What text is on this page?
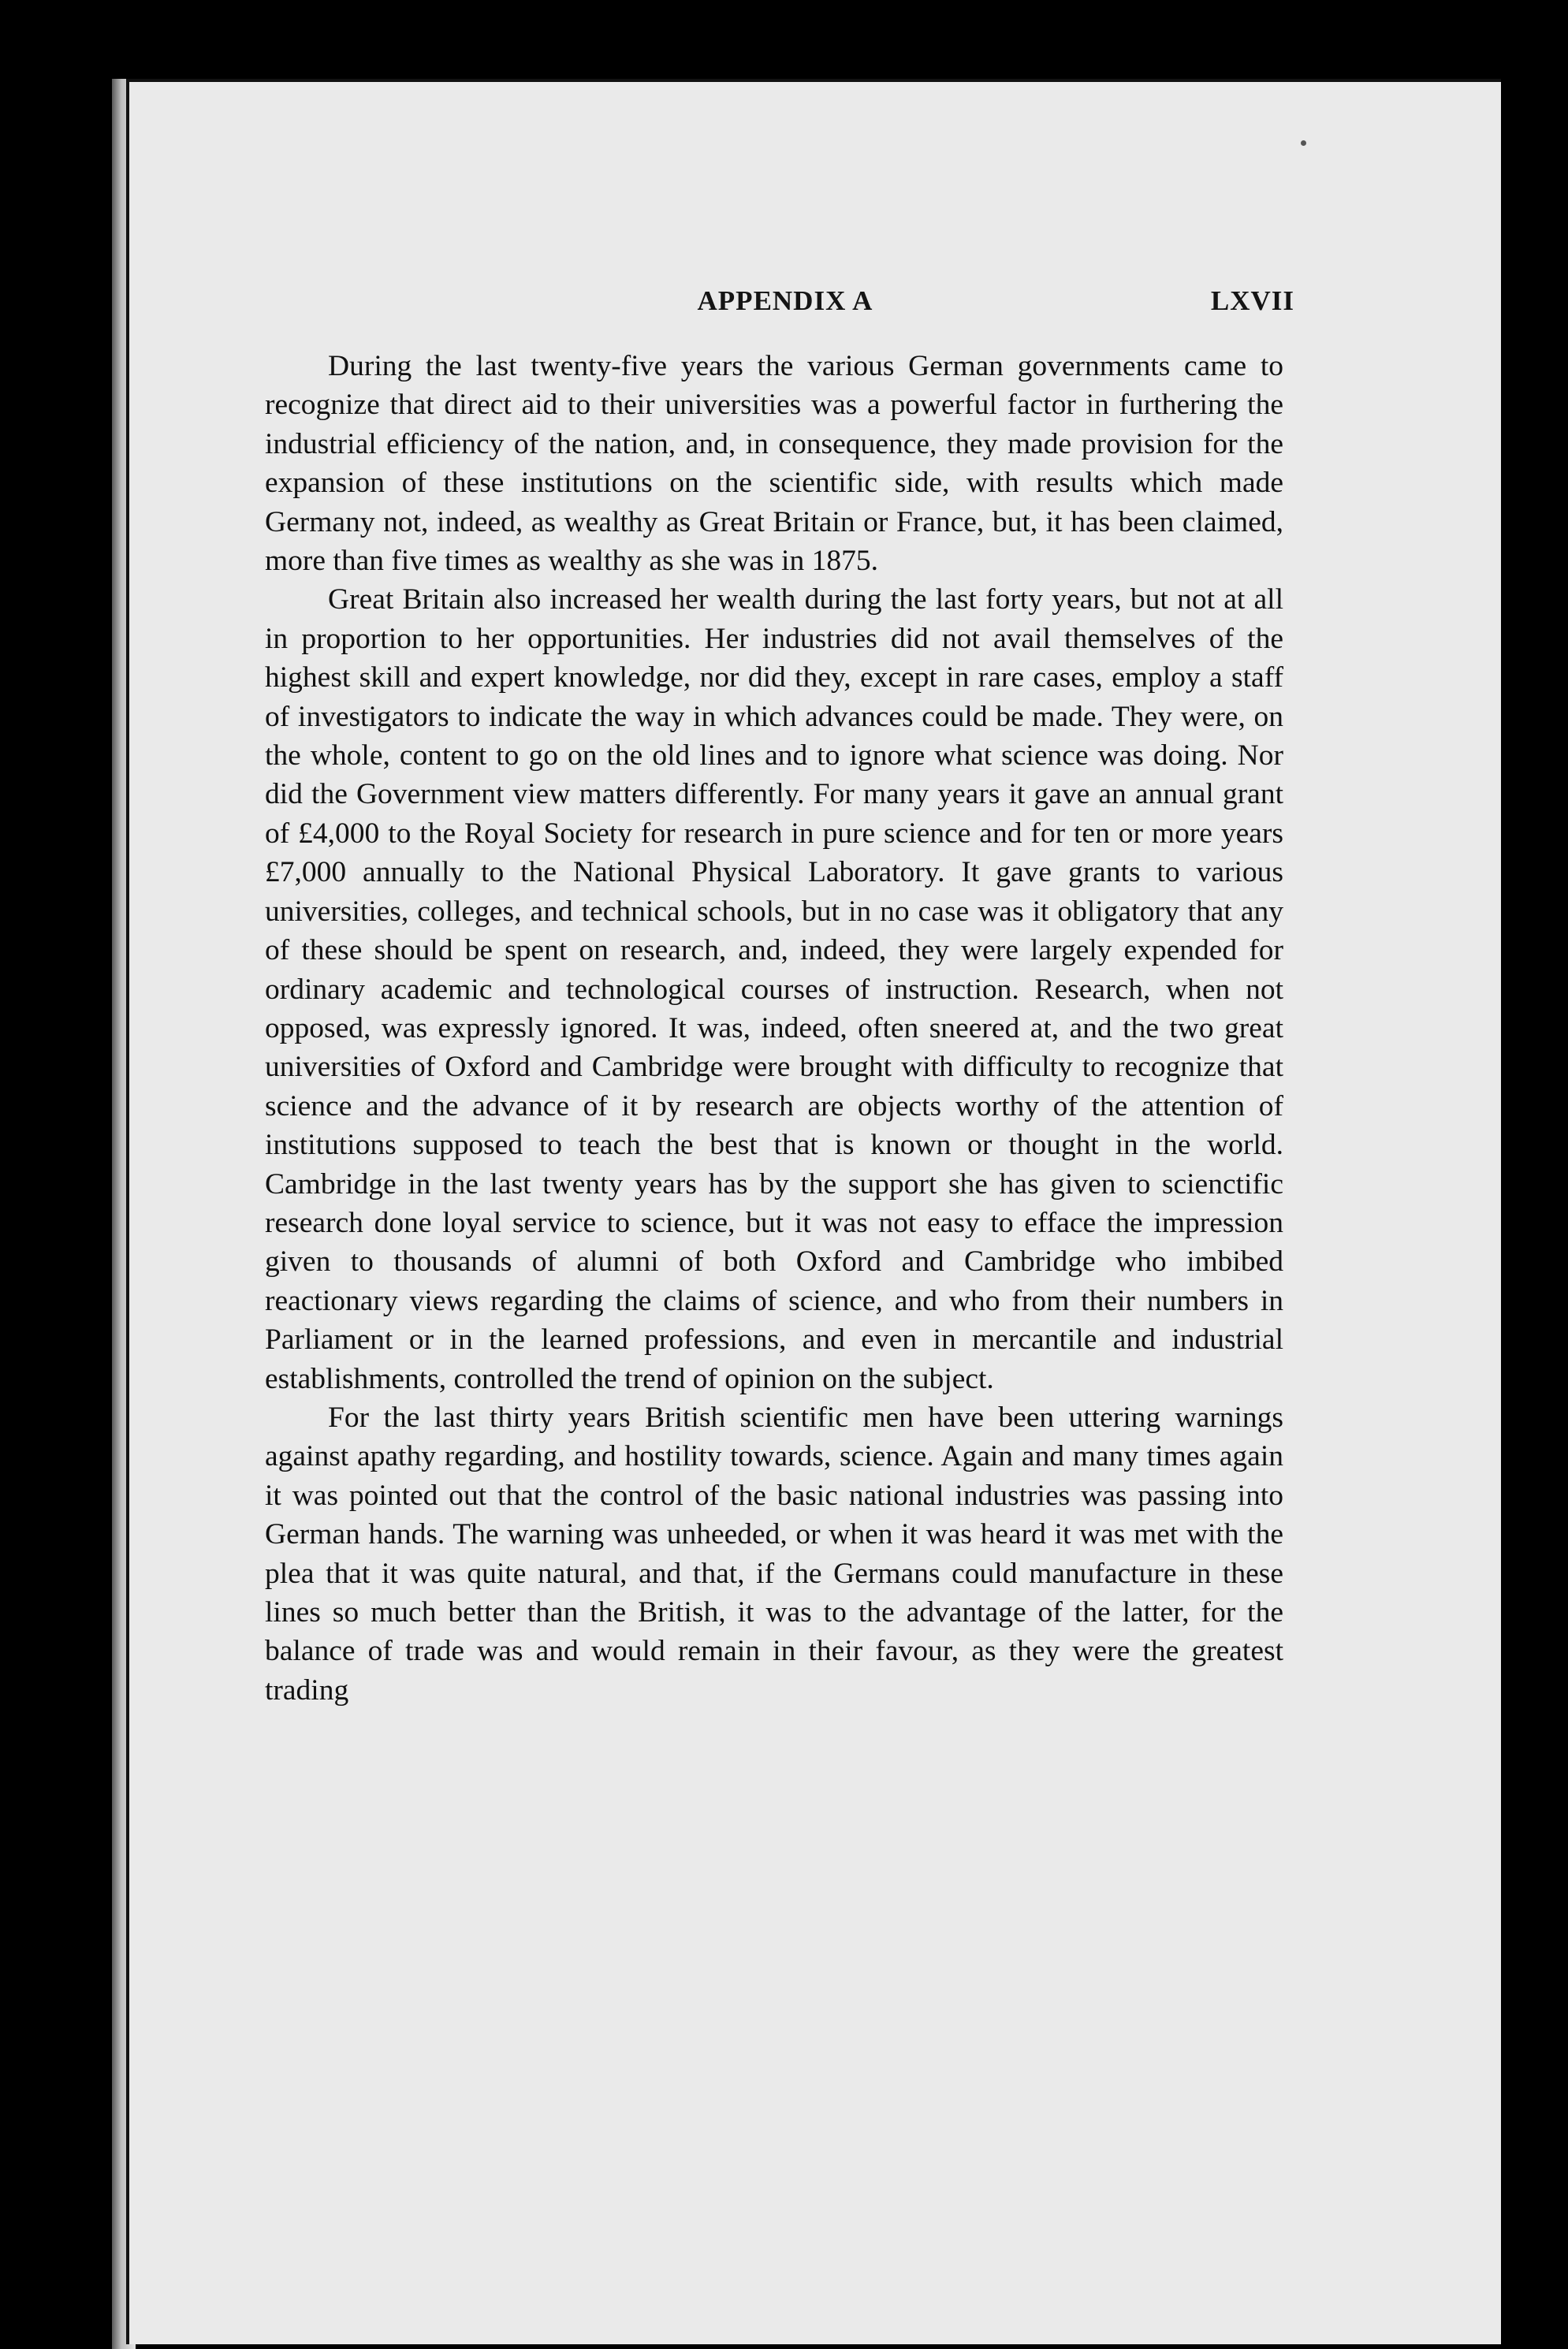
APPENDIX A	LXVII

During the last twenty-five years the various German governments came to recognize that direct aid to their universities was a powerful factor in furthering the industrial efficiency of the nation, and, in consequence, they made provision for the expansion of these institutions on the scientific side, with results which made Germany not, indeed, as wealthy as Great Britain or France, but, it has been claimed, more than five times as wealthy as she was in 1875.

Great Britain also increased her wealth during the last forty years, but not at all in proportion to her opportunities. Her industries did not avail themselves of the highest skill and expert knowledge, nor did they, except in rare cases, employ a staff of investigators to indicate the way in which advances could be made. They were, on the whole, content to go on the old lines and to ignore what science was doing. Nor did the Government view matters differently. For many years it gave an annual grant of £4,000 to the Royal Society for research in pure science and for ten or more years £7,000 annually to the National Physical Laboratory. It gave grants to various universities, colleges, and technical schools, but in no case was it obligatory that any of these should be spent on research, and, indeed, they were largely expended for ordinary academic and technological courses of instruction. Research, when not opposed, was expressly ignored. It was, indeed, often sneered at, and the two great universities of Oxford and Cambridge were brought with difficulty to recognize that science and the advance of it by research are objects worthy of the attention of institutions supposed to teach the best that is known or thought in the world. Cambridge in the last twenty years has by the support she has given to scienctific research done loyal service to science, but it was not easy to efface the impression given to thousands of alumni of both Oxford and Cambridge who imbibed reactionary views regarding the claims of science, and who from their numbers in Parliament or in the learned professions, and even in mercantile and industrial establishments, controlled the trend of opinion on the subject.

For the last thirty years British scientific men have been uttering warnings against apathy regarding, and hostility towards, science. Again and many times again it was pointed out that the control of the basic national industries was passing into German hands. The warning was unheeded, or when it was heard it was met with the plea that it was quite natural, and that, if the Germans could manufacture in these lines so much better than the British, it was to the advantage of the latter, for the balance of trade was and would remain in their favour, as they were the greatest trading
